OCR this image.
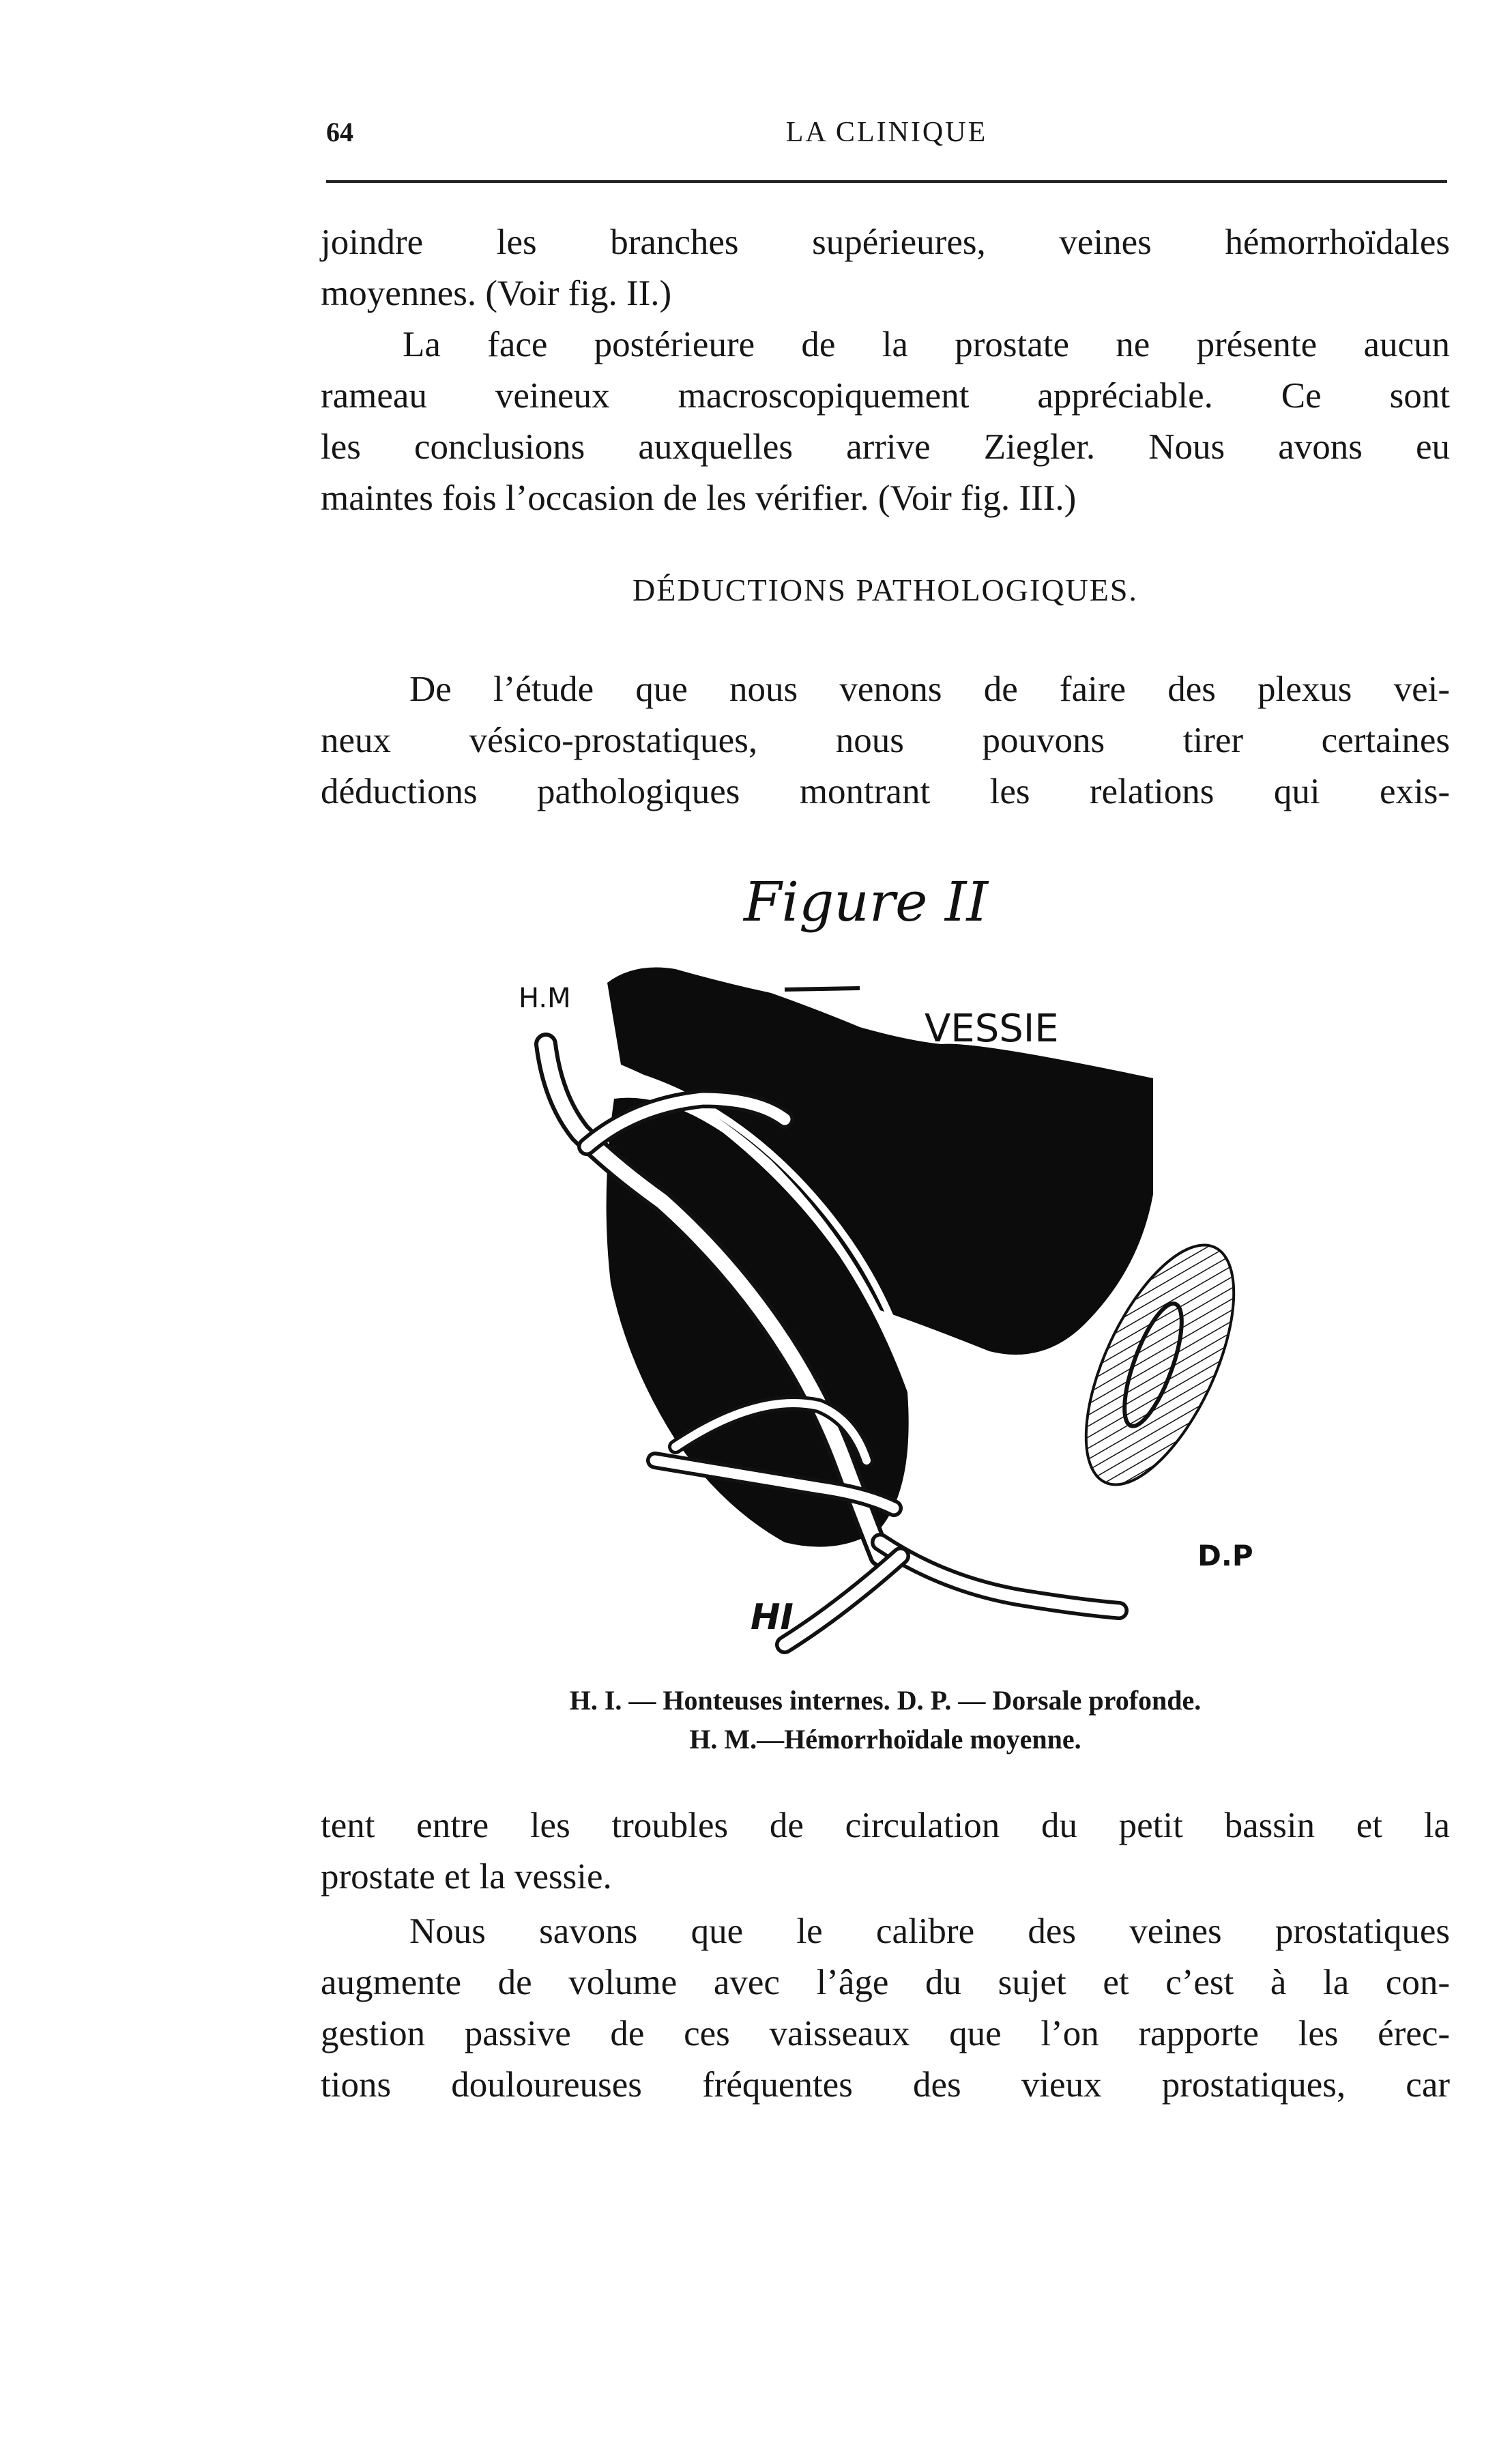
64	LA CLINIQUE
joindre les branches supérieures, veines hémorrhoïdales
moyennes. (Voir fig. II.)
La face postérieure de la prostate ne présente aucun
rameau veineux macroscopiquement appréciable. Ce sont
les conclusions auxquelles arrive Ziegler. Nous avons eu
maintes fois l’occasion de les vérifier. (Voir fig. III.)
DÉDUCTIONS PATHOLOGIQUES.
De l’étude que nous venons de faire des plexus vei-
neux vésico-prostatiques, nous pouvons tirer certaines
déductions pathologiques montrant les relations qui exis-
Figure II
VESSIE
H.M
HI
D.P
H. I. — Honteuses internes. D. P. — Dorsale profonde.
H. M.—Hémorrhoïdale moyenne.
tent entre les troubles de circulation du petit bassin et la
prostate et la vessie.
Nous savons que le calibre des veines prostatiques
augmente de volume avec l’âge du sujet et c’est à la con-
gestion passive de ces vaisseaux que l’on rapporte les érec-
tions douloureuses fréquentes des vieux prostatiques, car
